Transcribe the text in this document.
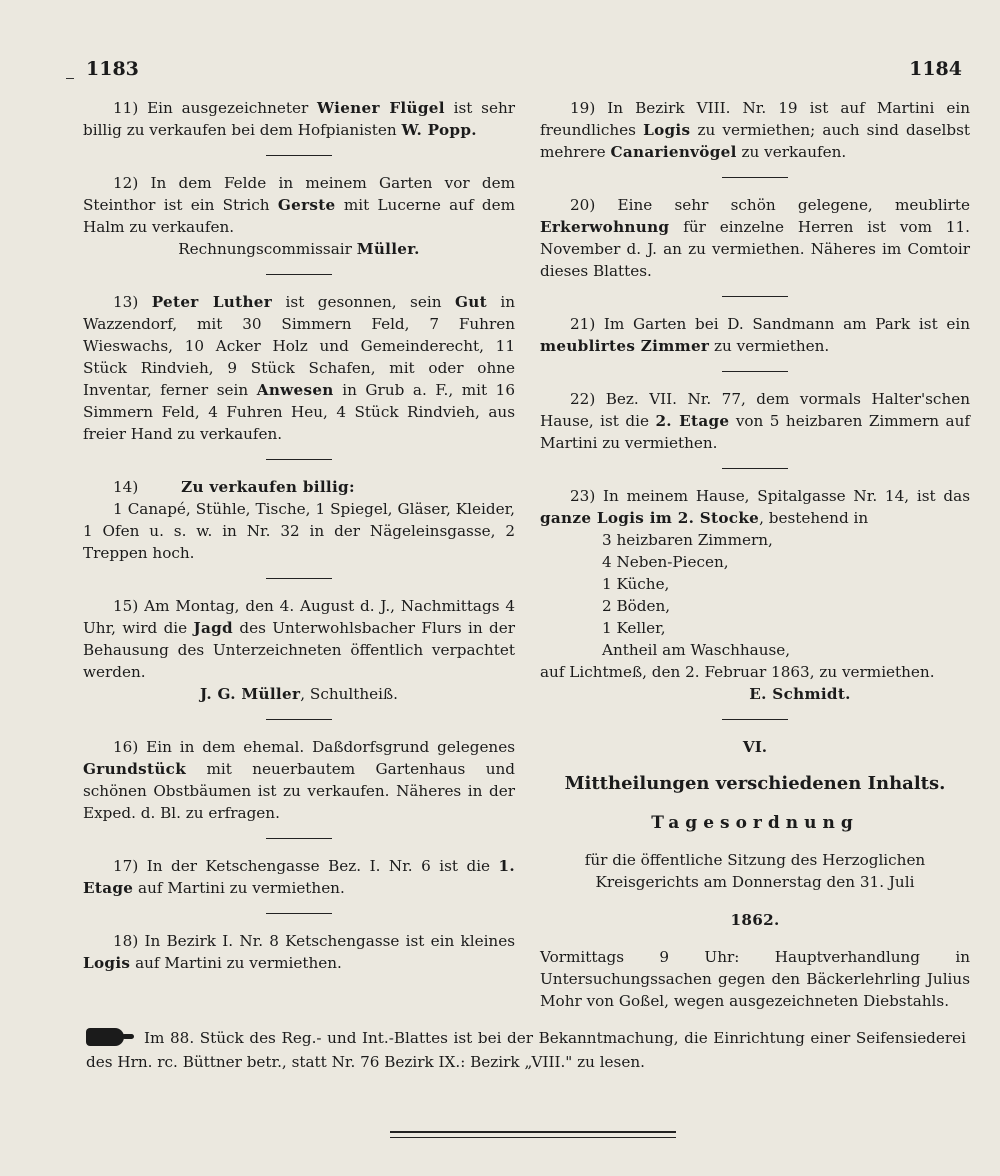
1183	1184

11) Ein ausgezeichneter Wiener Flügel ist sehr billig zu verkaufen bei dem Hofpianisten W. Popp.

12) In dem Felde in meinem Garten vor dem Steinthor ist ein Strich Gerste mit Lucerne auf dem Halm zu verkaufen.

Rechnungscommissair Müller.

13) Peter Luther ist gesonnen, sein Gut in Wazzendorf, mit 30 Simmern Feld, 7 Fuhren Wieswachs, 10 Acker Holz und Gemeinderecht, 11 Stück Rindvieh, 9 Stück Schafen, mit oder ohne Inventar, ferner sein Anwesen in Grub a. F., mit 16 Simmern Feld, 4 Fuhren Heu, 4 Stück Rindvieh, aus freier Hand zu verkaufen.

14)	Zu verkaufen billig:

1 Canapé, Stühle, Tische, 1 Spiegel, Gläser, Kleider, 1 Ofen u. s. w. in Nr. 32 in der Nägeleinsgasse, 2 Treppen hoch.

15) Am Montag, den 4. August d. J., Nachmittags 4 Uhr, wird die Jagd des Unterwohlsbacher Flurs in der Behausung des Unterzeichneten öffentlich verpachtet werden.

J. G. Müller, Schultheiß.

16) Ein in dem ehemal. Daßdorfsgrund gelegenes Grundstück mit neuerbautem Gartenhaus und schönen Obstbäumen ist zu verkaufen. Näheres in der Exped. d. Bl. zu erfragen.

17) In der Ketschengasse Bez. I. Nr. 6 ist die 1. Etage auf Martini zu vermiethen.

18) In Bezirk I. Nr. 8 Ketschengasse ist ein kleines Logis auf Martini zu vermiethen.

19) In Bezirk VIII. Nr. 19 ist auf Martini ein freundliches Logis zu vermiethen; auch sind daselbst mehrere Canarienvögel zu verkaufen.

20) Eine sehr schön gelegene, meublirte Erkerwohnung für einzelne Herren ist vom 11. November d. J. an zu vermiethen. Näheres im Comtoir dieses Blattes.

21) Im Garten bei D. Sandmann am Park ist ein meublirtes Zimmer zu vermiethen.

22) Bez. VII. Nr. 77, dem vormals Halter'schen Hause, ist die 2. Etage von 5 heizbaren Zimmern auf Martini zu vermiethen.

23) In meinem Hause, Spitalgasse Nr. 14, ist das ganze Logis im 2. Stocke, bestehend in

3 heizbaren Zimmern,

4 Neben-Piecen,

1 Küche,

2 Böden,

1 Keller,

Antheil am Waschhause,

auf Lichtmeß, den 2. Februar 1863, zu vermiethen.

E. Schmidt.

VI.

Mittheilungen verschiedenen Inhalts.

Tagesordnung

für die öffentliche Sitzung des Herzoglichen Kreisgerichts am Donnerstag den 31. Juli

1862.

Vormittags 9 Uhr: Hauptverhandlung in Untersuchungssachen gegen den Bäckerlehrling Julius Mohr von Goßel, wegen ausgezeichneten Diebstahls.

Im 88. Stück des Reg.- und Int.-Blattes ist bei der Bekanntmachung, die Einrichtung einer Seifensiederei des Hrn. rc. Büttner betr., statt Nr. 76 Bezirk IX.: Bezirk „VIII." zu lesen.
